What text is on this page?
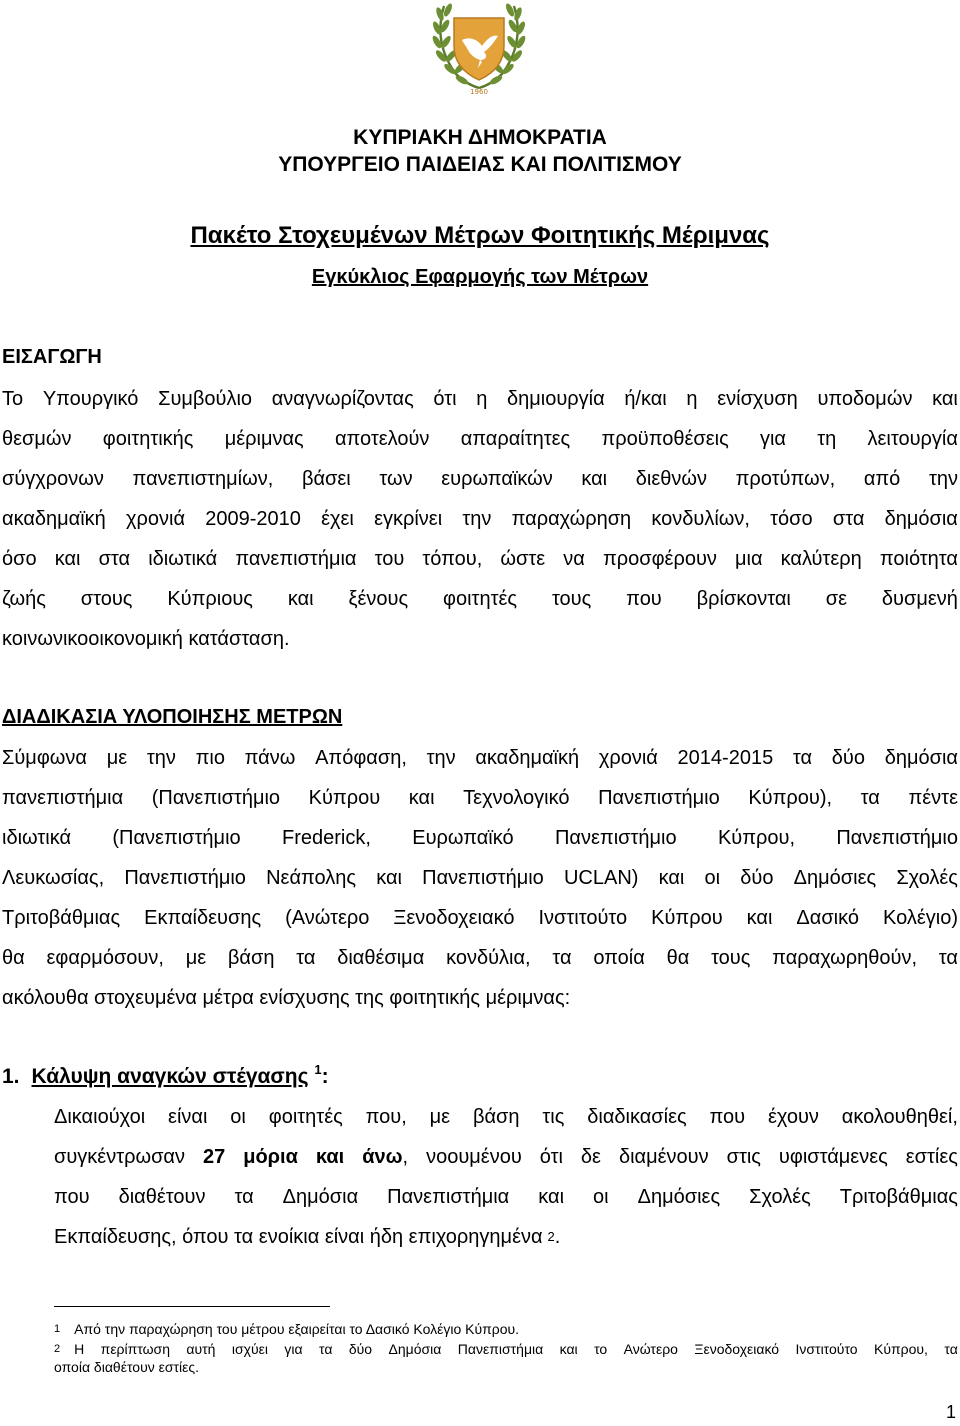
1960
ΚΥΠΡΙΑΚΗ ΔΗΜΟΚΡΑΤΙΑ
ΥΠΟΥΡΓΕΙΟ ΠΑΙΔΕΙΑΣ ΚΑΙ ΠΟΛΙΤΙΣΜΟΥ
Πακέτο Στοχευμένων Μέτρων Φοιτητικής Μέριμνας
Εγκύκλιος Εφαρμογής των Μέτρων
ΕΙΣΑΓΩΓΗ
Το Υπουργικό Συμβούλιο αναγνωρίζοντας ότι η δημιουργία ή/και η ενίσχυση υποδομών και
θεσμών φοιτητικής μέριμνας αποτελούν απαραίτητες προϋποθέσεις για τη λειτουργία
σύγχρονων πανεπιστημίων, βάσει των ευρωπαϊκών και διεθνών προτύπων, από την
ακαδημαϊκή χρονιά 2009-2010 έχει εγκρίνει την παραχώρηση κονδυλίων, τόσο στα δημόσια
όσο και στα ιδιωτικά πανεπιστήμια του τόπου, ώστε να προσφέρουν μια καλύτερη ποιότητα
ζωής στους Κύπριους και ξένους φοιτητές τους που βρίσκονται σε δυσμενή
κοινωνικοοικονομική κατάσταση.
ΔΙΑΔΙΚΑΣΙΑ ΥΛΟΠΟΙΗΣΗΣ ΜΕΤΡΩΝ
Σύμφωνα με την πιο πάνω Απόφαση, την ακαδημαϊκή χρονιά 2014-2015 τα δύο δημόσια
πανεπιστήμια (Πανεπιστήμιο Κύπρου και Τεχνολογικό Πανεπιστήμιο Κύπρου), τα πέντε
ιδιωτικά (Πανεπιστήμιο Frederick, Ευρωπαϊκό Πανεπιστήμιο Κύπρου, Πανεπιστήμιο
Λευκωσίας, Πανεπιστήμιο Νεάπολης και Πανεπιστήμιο UCLAN) και οι δύο Δημόσιες Σχολές
Τριτοβάθμιας Εκπαίδευσης (Ανώτερο Ξενοδοχειακό Ινστιτούτο Κύπρου και Δασικό Κολέγιο)
θα εφαρμόσουν, με βάση τα διαθέσιμα κονδύλια, τα οποία θα τους παραχωρηθούν, τα
ακόλουθα στοχευμένα μέτρα ενίσχυσης της φοιτητικής μέριμνας:
1. Κάλυψη αναγκών στέγασης $^1$:
Δικαιούχοι είναι οι φοιτητές που, με βάση τις διαδικασίες που έχουν ακολουθηθεί,
συγκέντρωσαν 27 μόρια και άνω, νοουμένου ότι δε διαμένουν στις υφιστάμενες εστίες
που διαθέτουν τα Δημόσια Πανεπιστήμια και οι Δημόσιες Σχολές Τριτοβάθμιας
Εκπαίδευσης, όπου τα ενοίκια είναι ήδη επιχορηγημένα 2 .
1 Από την παραχώρηση του μέτρου εξαιρείται το Δασικό Κολέγιο Κύπρου.
2 Η περίπτωση αυτή ισχύει για τα δύο Δημόσια Πανεπιστήμια και το Ανώτερο Ξενοδοχειακό Ινστιτούτο Κύπρου, τα
οποία διαθέτουν εστίες.
1
